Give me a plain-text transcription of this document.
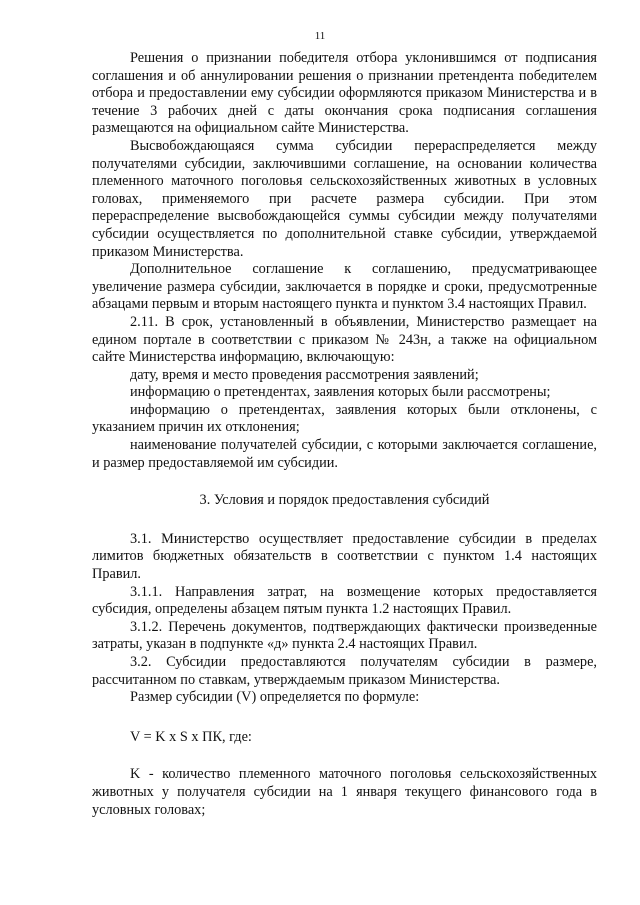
11

Решения о признании победителя отбора уклонившимся от подписания соглашения и об аннулировании решения о признании претендента победителем отбора и предоставлении ему субсидии оформляются приказом Министерства и в течение 3 рабочих дней с даты окончания срока подписания соглашения размещаются на официальном сайте Министерства.

Высвобождающаяся сумма субсидии перераспределяется между получателями субсидии, заключившими соглашение, на основании количества племенного маточного поголовья сельскохозяйственных животных в условных головах, применяемого при расчете размера субсидии. При этом перераспределение высвобождающейся суммы субсидии между получателями субсидии осуществляется по дополнительной ставке субсидии, утверждаемой приказом Министерства.

Дополнительное соглашение к соглашению, предусматривающее увеличение размера субсидии, заключается в порядке и сроки, предусмотренные абзацами первым и вторым настоящего пункта и пунктом 3.4 настоящих Правил.

2.11. В срок, установленный в объявлении, Министерство размещает на едином портале в соответствии с приказом № 243н, а также на официальном сайте Министерства информацию, включающую:

дату, время и место проведения рассмотрения заявлений;

информацию о претендентах, заявления которых были рассмотрены;

информацию о претендентах, заявления которых были отклонены, с указанием причин их отклонения;

наименование получателей субсидии, с которыми заключается соглашение, и размер предоставляемой им субсидии.

3. Условия и порядок предоставления субсидий

3.1. Министерство осуществляет предоставление субсидии в пределах лимитов бюджетных обязательств в соответствии с пунктом 1.4 настоящих Правил.

3.1.1. Направления затрат, на возмещение которых предоставляется субсидия, определены абзацем пятым пункта 1.2 настоящих Правил.

3.1.2. Перечень документов, подтверждающих фактически произведенные затраты, указан в подпункте «д» пункта 2.4 настоящих Правил.

3.2. Субсидии предоставляются получателям субсидии в размере, рассчитанном по ставкам, утверждаемым приказом Министерства.

Размер субсидии (V) определяется по формуле:

V = K x S x ПК, где:

K - количество племенного маточного поголовья сельскохозяйственных животных у получателя субсидии на 1 января текущего финансового года в условных головах;
